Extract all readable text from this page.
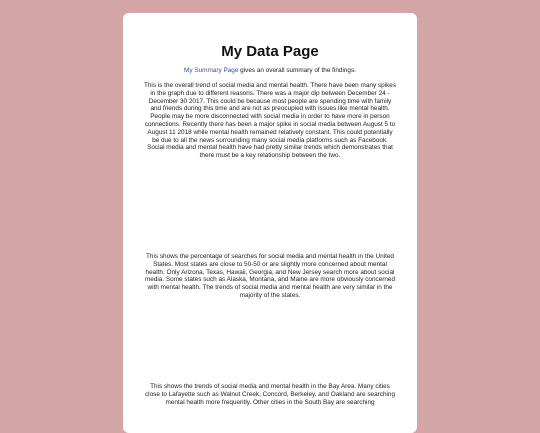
My Data Page
My Summary Page gives an overall summary of the findings.

This is the overall trend of social media and mental health. There have been many spikes in the graph due to different reasons. There was a major dip between December 24 - December 30 2017. This could be because most people are spending time with family and friends during this time and are not as preocupied with issues like mental health. People may be more disconnected with social media in order to have more in person connections. Recently there has been a major spike in social media between August 5 to August 11 2018 while mental health remained relatively constant. This could potentially be due to all the news surrounding many social media platforms such as Facebook. Social media and mental health have had pretty similar trends which demonstrates that there must be a key relationship between the two.

This shows the percentage of searches for social media and mental health in the United States. Most states are close to 50-50 or are slightly more concerned about mental health. Only Arizona, Texas, Hawaii, Georgia, and New Jersey search more about social media. Some states such as Alaska, Montana, and Maine are more obviously concerned with mental health. The trends of social media and mental health are very similar in the majority of the states.

This shows the trends of social media and mental health in the Bay Area. Many cities close to Lafayette such as Walnut Creek, Concord, Berkeley, and Oakland are searching mental health more frequently. Other cities in the South Bay are searching
